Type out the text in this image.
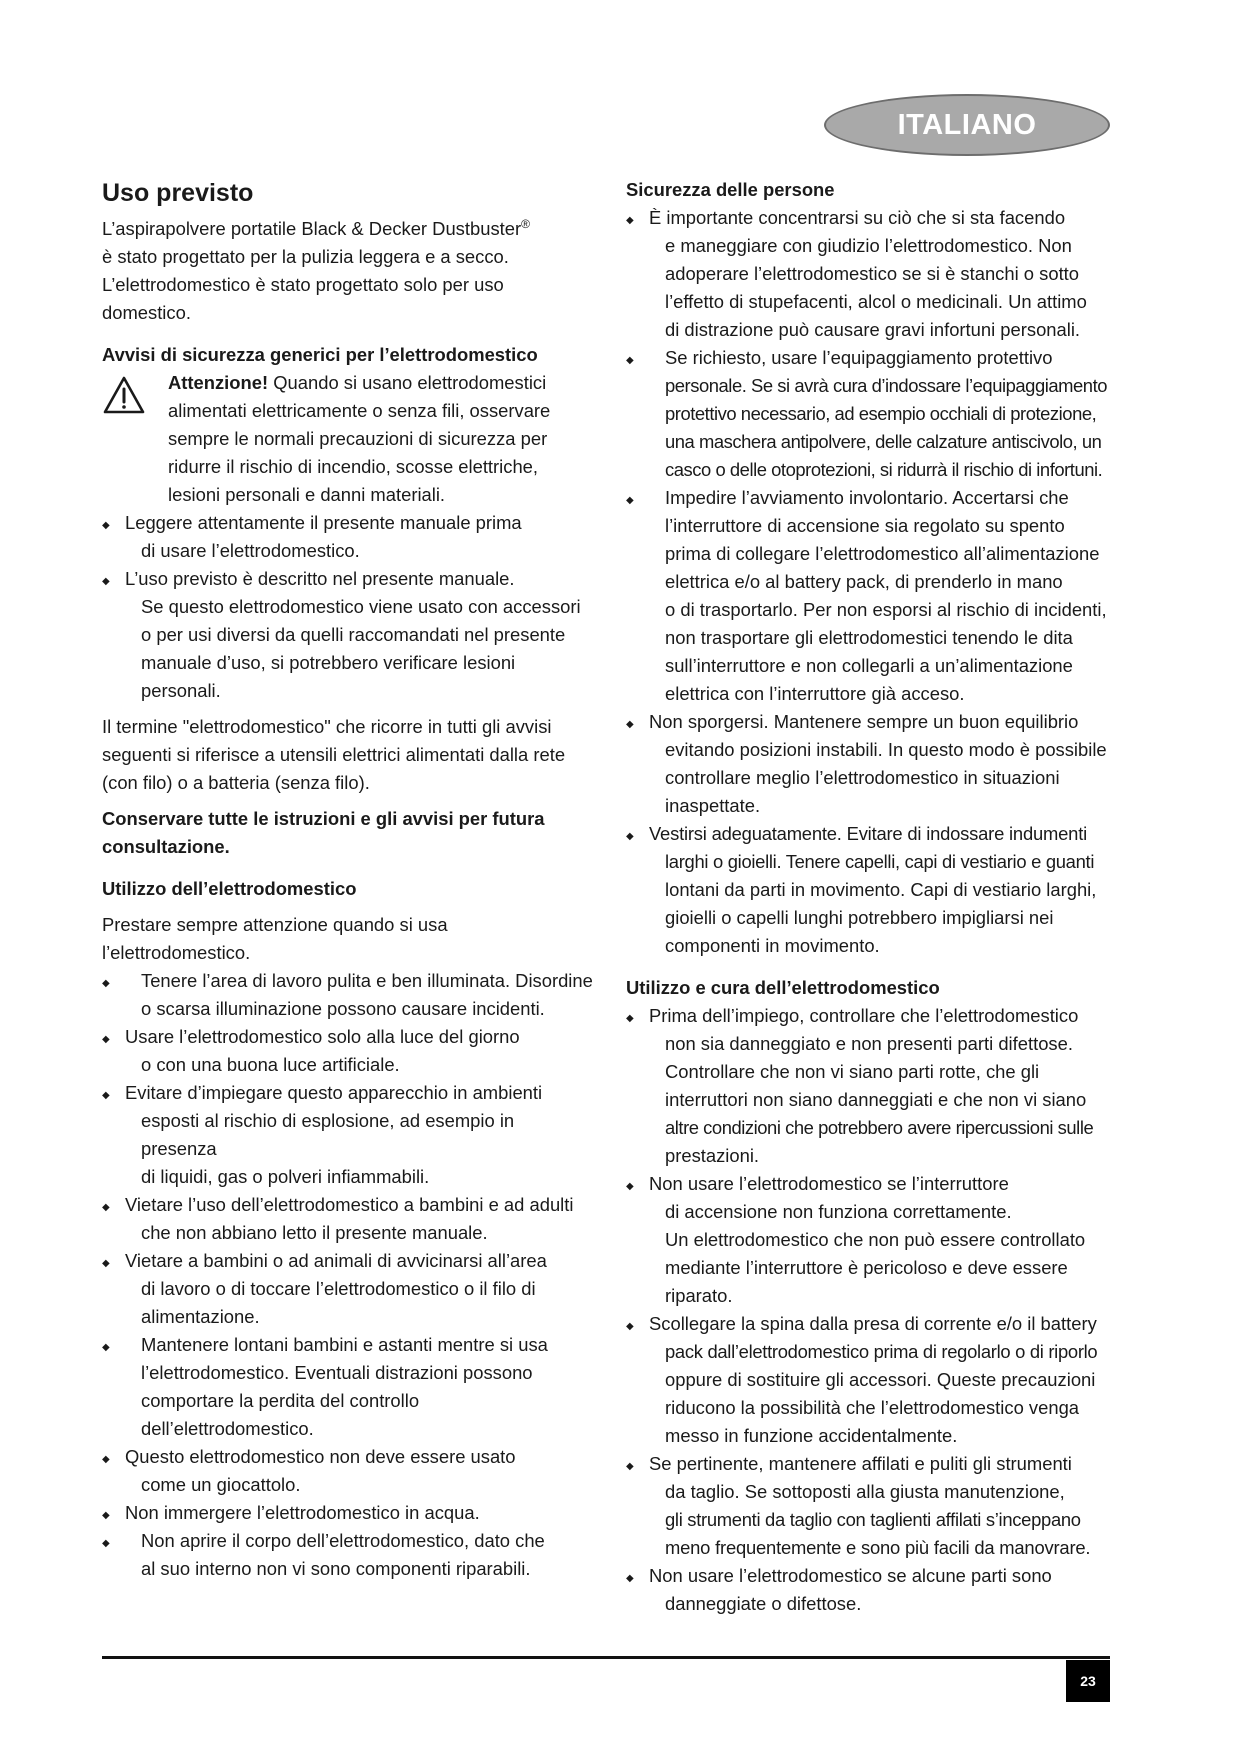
ITALIANO
Uso previsto
L’aspirapolvere portatile Black & Decker Dustbuster®
è stato progettato per la pulizia leggera e a secco.
L’elettrodomestico è stato progettato solo per uso
domestico.
Avvisi di sicurezza generici per l’elettrodomestico
Attenzione! Quando si usano elettrodomestici
alimentati elettricamente o senza fili, osservare
sempre le normali precauzioni di sicurezza per
ridurre il rischio di incendio, scosse elettriche,
lesioni personali e danni materiali.
◆ Leggere attentamente il presente manuale prima
di usare l’elettrodomestico.
◆ L’uso previsto è descritto nel presente manuale.
Se questo elettrodomestico viene usato con accessori
o per usi diversi da quelli raccomandati nel presente
manuale d’uso, si potrebbero verificare lesioni
personali.
Il termine "elettrodomestico" che ricorre in tutti gli avvisi
seguenti si riferisce a utensili elettrici alimentati dalla rete
(con filo) o a batteria (senza filo).
Conservare tutte le istruzioni e gli avvisi per futura
consultazione.
Utilizzo dell’elettrodomestico
Prestare sempre attenzione quando si usa
l’elettrodomestico.
◆ Tenere l’area di lavoro pulita e ben illuminata. Disordine
o scarsa illuminazione possono causare incidenti.
◆ Usare l’elettrodomestico solo alla luce del giorno
o con una buona luce artificiale.
◆ Evitare d’impiegare questo apparecchio in ambienti
esposti al rischio di esplosione, ad esempio in presenza
di liquidi, gas o polveri infiammabili.
◆ Vietare l’uso dell’elettrodomestico a bambini e ad adulti
che non abbiano letto il presente manuale.
◆ Vietare a bambini o ad animali di avvicinarsi all’area
di lavoro o di toccare l’elettrodomestico o il filo di
alimentazione.
◆ Mantenere lontani bambini e astanti mentre si usa
l’elettrodomestico. Eventuali distrazioni possono
comportare la perdita del controllo
dell’elettrodomestico.
◆ Questo elettrodomestico non deve essere usato
come un giocattolo.
◆ Non immergere l’elettrodomestico in acqua.
◆ Non aprire il corpo dell’elettrodomestico, dato che
al suo interno non vi sono componenti riparabili.
Sicurezza delle persone
◆ È importante concentrarsi su ciò che si sta facendo
e maneggiare con giudizio l’elettrodomestico. Non
adoperare l’elettrodomestico se si è stanchi o sotto
l’effetto di stupefacenti, alcol o medicinali. Un attimo
di distrazione può causare gravi infortuni personali.
◆ Se richiesto, usare l’equipaggiamento protettivo
personale. Se si avrà cura d’indossare l’equipaggiamento
protettivo necessario, ad esempio occhiali di protezione,
una maschera antipolvere, delle calzature antiscivolo, un
casco o delle otoprotezioni, si ridurrà il rischio di infortuni.
◆ Impedire l’avviamento involontario. Accertarsi che
l’interruttore di accensione sia regolato su spento
prima di collegare l’elettrodomestico all’alimentazione
elettrica e/o al battery pack, di prenderlo in mano
o di trasportarlo. Per non esporsi al rischio di incidenti,
non trasportare gli elettrodomestici tenendo le dita
sull’interruttore e non collegarli a un’alimentazione
elettrica con l’interruttore già acceso.
◆ Non sporgersi. Mantenere sempre un buon equilibrio
evitando posizioni instabili. In questo modo è possibile
controllare meglio l’elettrodomestico in situazioni
inaspettate.
◆ Vestirsi adeguatamente. Evitare di indossare indumenti
larghi o gioielli. Tenere capelli, capi di vestiario e guanti
lontani da parti in movimento. Capi di vestiario larghi,
gioielli o capelli lunghi potrebbero impigliarsi nei
componenti in movimento.
Utilizzo e cura dell’elettrodomestico
◆ Prima dell’impiego, controllare che l’elettrodomestico
non sia danneggiato e non presenti parti difettose.
Controllare che non vi siano parti rotte, che gli
interruttori non siano danneggiati e che non vi siano
altre condizioni che potrebbero avere ripercussioni sulle
prestazioni.
◆ Non usare l’elettrodomestico se l’interruttore
di accensione non funziona correttamente.
Un elettrodomestico che non può essere controllato
mediante l’interruttore è pericoloso e deve essere
riparato.
◆ Scollegare la spina dalla presa di corrente e/o il battery
pack dall’elettrodomestico prima di regolarlo o di riporlo
oppure di sostituire gli accessori. Queste precauzioni
riducono la possibilità che l’elettrodomestico venga
messo in funzione accidentalmente.
◆ Se pertinente, mantenere affilati e puliti gli strumenti
da taglio. Se sottoposti alla giusta manutenzione,
gli strumenti da taglio con taglienti affilati s’inceppano
meno frequentemente e sono più facili da manovrare.
◆ Non usare l’elettrodomestico se alcune parti sono
danneggiate o difettose.
23
